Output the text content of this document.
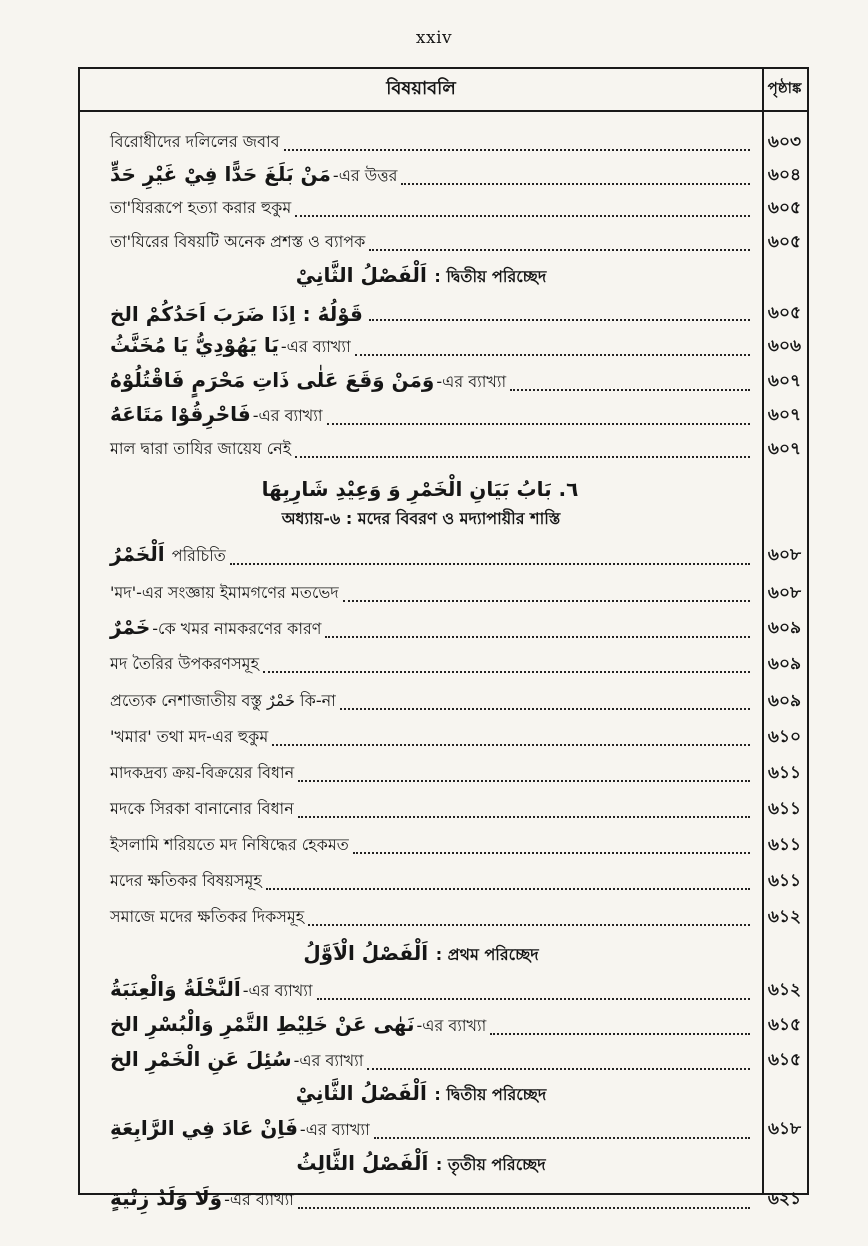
xxiv
বিষয়াবলি	পৃষ্ঠাঙ্ক
বিরোধীদের দলিলের জবাব	৬০৩
مَنْ بَلَغَ حَدًّا فِيْ غَيْرِ حَدٍّ -এর উত্তর	৬০৪
তা'যিররূপে হত্যা করার হুকুম	৬০৫
তা'যিরের বিষয়টি অনেক প্রশস্ত ও ব্যাপক	৬০৫
اَلْفَصْلُ الثَّانِيْ : দ্বিতীয় পরিচ্ছেদ
قَوْلُهُ : اِذَا ضَرَبَ اَحَدُكُمْ الخ	৬০৫
يَا يَهُوْدِيُّ يَا مُخَنَّثُ -এর ব্যাখ্যা	৬০৬
وَمَنْ وَقَعَ عَلٰى ذَاتِ مَحْرَمٍ فَاقْتُلُوْهُ -এর ব্যাখ্যা	৬০৭
فَاحْرِقُوْا مَتَاعَهُ -এর ব্যাখ্যা	৬০৭
মাল দ্বারা তাযির জায়েয নেই	৬০৭
٦. بَابُ بَيَانِ الْخَمْرِ وَ وَعِيْدِ شَارِبِهَا
অধ্যায়-৬ : মদের বিবরণ ও মদ্যাপায়ীর শাস্তি
اَلْخَمْرُ পরিচিতি	৬০৮
'মদ'-এর সংজ্ঞায় ইমামগণের মতভেদ	৬০৮
خَمْرٌ -কে খমর নামকরণের কারণ	৬০৯
মদ তৈরির উপকরণসমূহ	৬০৯
প্রত্যেক নেশাজাতীয় বস্তু خَمْرٌ কি-না	৬০৯
'খমার' তথা মদ-এর হুকুম	৬১০
মাদকদ্রব্য ক্রয়-বিক্রয়ের বিধান	৬১১
মদকে সিরকা বানানোর বিধান	৬১১
ইসলামি শরিয়তে মদ নিষিদ্ধের হেকমত	৬১১
মদের ক্ষতিকর বিষয়সমূহ	৬১১
সমাজে মদের ক্ষতিকর দিকসমূহ	৬১২
اَلْفَصْلُ الْاَوَّلُ : প্রথম পরিচ্ছেদ
اَلنَّخْلَةُ وَالْعِنَبَةُ -এর ব্যাখ্যা	৬১২
نَهٰى عَنْ خَلِيْطِ التَّمْرِ وَالْبُسْرِ الخ -এর ব্যাখ্যা	৬১৫
سُئِلَ عَنِ الْخَمْرِ الخ -এর ব্যাখ্যা	৬১৫
اَلْفَصْلُ الثَّانِيْ : দ্বিতীয় পরিচ্ছেদ
فَاِنْ عَادَ فِي الرَّابِعَةِ -এর ব্যাখ্যা	৬১৮
اَلْفَصْلُ الثَّالِثُ : তৃতীয় পরিচ্ছেদ
وَلَا وَلَدُ زِنْيَةٍ -এর ব্যাখ্যা	৬২১
